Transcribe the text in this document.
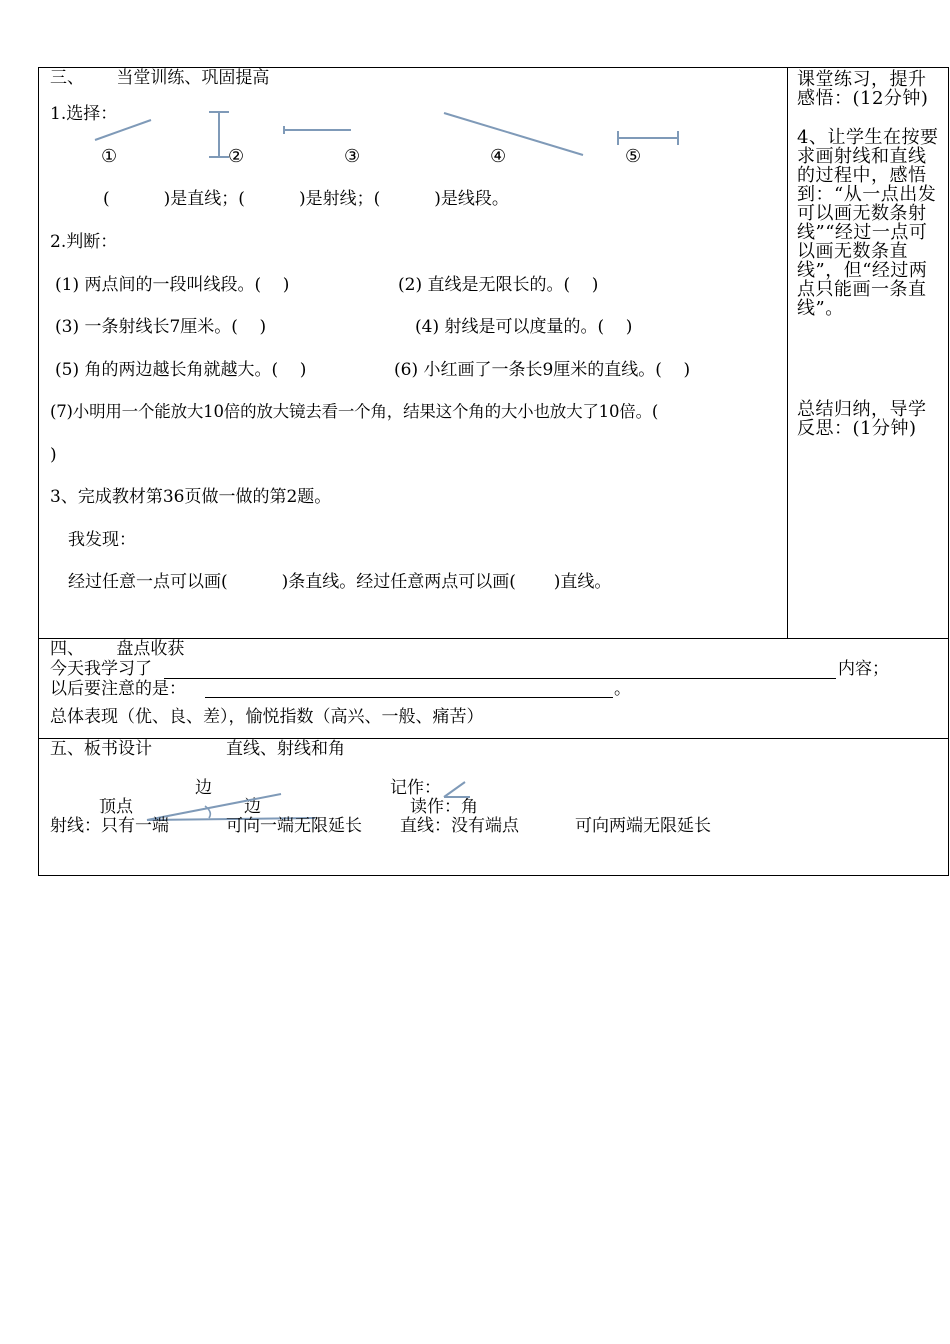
三、      当堂训练、巩固提高
1.选择：
①	②	③	④	⑤
(          )是直线；(          )是射线；(          )是线段。
2.判断：
(1) 两点间的一段叫线段。(    )	(2) 直线是无限长的。(    )
(3) 一条射线长7厘米。(    )	(4) 射线是可以度量的。(    )
(5) 角的两边越长角就越大。(    )	(6) 小红画了一条长9厘米的直线。(    )
(7)小明用一个能放大10倍的放大镜去看一个角，结果这个角的大小也放大了10倍。(
)
3、完成教材第36页做一做的第2题。
我发现：
经过任意一点可以画(          )条直线。经过任意两点可以画(       )直线。
课堂练习，提升感悟：(12分钟)
4、让学生在按要求画射线和直线的过程中，感悟到：“从一点出发可以画无数条射线”“经过一点可以画无数条直线”，但“经过两点只能画一条直线”。
总结归纳，导学反思：(1分钟)
四、      盘点收获
今天我学习了	内容；
以后要注意的是：	。
总体表现（优、良、差），愉悦指数（高兴、一般、痛苦）
五、板书设计	直线、射线和角
边
顶点	边
记作：
读作：角
射线：只有一端	可向一端无限延长 直线：没有端点	可向两端无限延长
